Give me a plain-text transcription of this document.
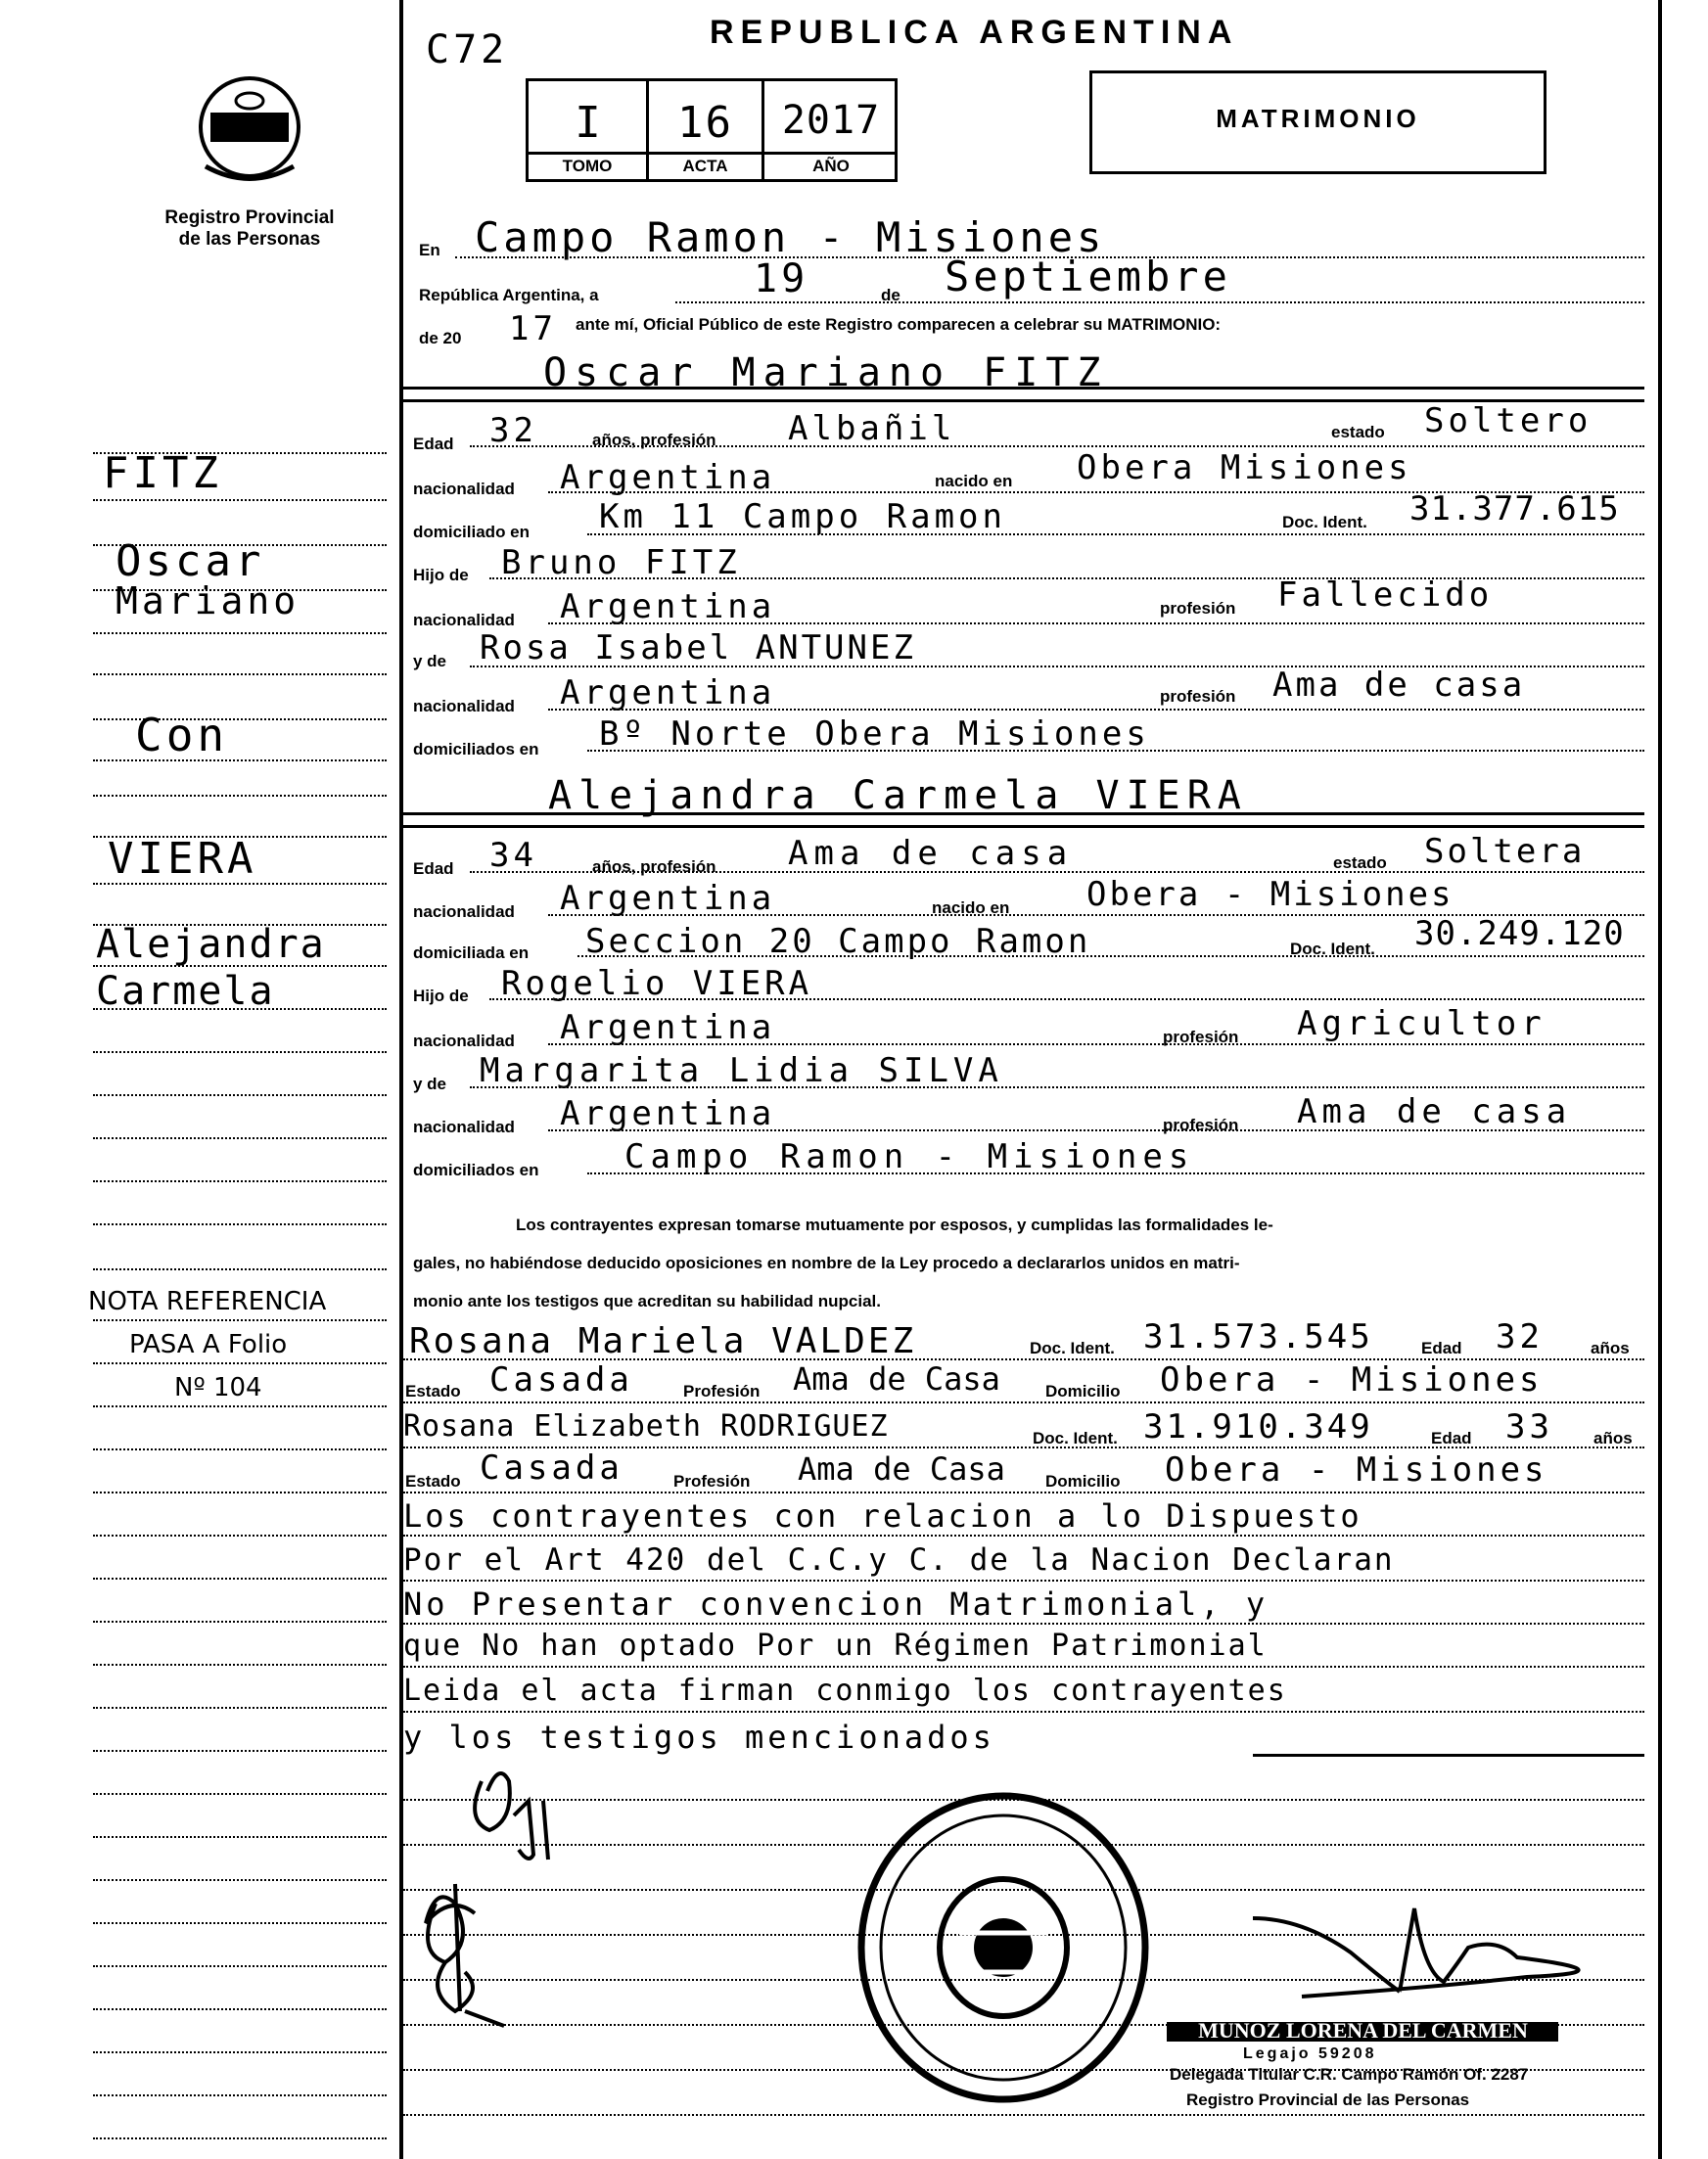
Registro Provincial
de las Personas
C72	REPUBLICA ARGENTINA
I	16	2017
TOMO	ACTA	AÑO
MATRIMONIO
En Campo Ramon - Misiones
República Argentina, a	19	de Septiembre
de 20 17 ante mí, Oficial Público de este Registro comparecen a celebrar su MATRIMONIO:
Oscar Mariano FITZ
Edad 32	años, profesión Albañil	estado Soltero
nacionalidad Argentina	nacido en Obera Misiones
domiciliado en Km 11 Campo Ramon	Doc. Ident. 31.377.615
Hijo de Bruno FITZ
nacionalidad Argentina	profesión Fallecido
y de Rosa Isabel ANTUNEZ
nacionalidad Argentina	profesión Ama de casa
domiciliados en Bº Norte Obera Misiones
Alejandra Carmela VIERA
Edad 34	años, profesión Ama de casa	estado Soltera
nacionalidad Argentina	nacido en Obera - Misiones
domiciliada en Seccion 20 Campo Ramon	Doc. Ident. 30.249.120
Hijo de Rogelio VIERA
nacionalidad Argentina	profesión Agricultor
y de Margarita Lidia SILVA
nacionalidad Argentina	profesión Ama de casa
domiciliados en	Campo Ramon - Misiones
Los contrayentes expresan tomarse mutuamente por esposos, y cumplidas las formalidades le-
gales, no habiéndose deducido oposiciones en nombre de la Ley procedo a declararlos unidos en matri-
monio ante los testigos que acreditan su habilidad nupcial.
Rosana Mariela VALDEZ	Doc. Ident. 31.573.545	Edad 32	años
Estado Casada	Profesión Ama de Casa	Domicilio Obera - Misiones
Rosana Elizabeth RODRIGUEZ	Doc. Ident. 31.910.349	Edad 33 años
Estado Casada	Profesión Ama de Casa Domicilio Obera - Misiones
Los contrayentes con relacion a lo Dispuesto
Por el Art 420 del C.C.y C. de la Nacion Declaran
No Presentar convencion Matrimonial, y
que No han optado Por un Régimen Patrimonial
Leida el acta firman conmigo los contrayentes
y los testigos mencionados
FITZ
Oscar
Mariano
Con
VIERA
Alejandra
Carmela
NOTA REFERENCIA
PASA A Folio
Nº 104
MUÑOZ LORENA DEL CARMEN
Legajo 59208
Delegada Titular C.R. Campo Ramón Of. 2287
Registro Provincial de las Personas
